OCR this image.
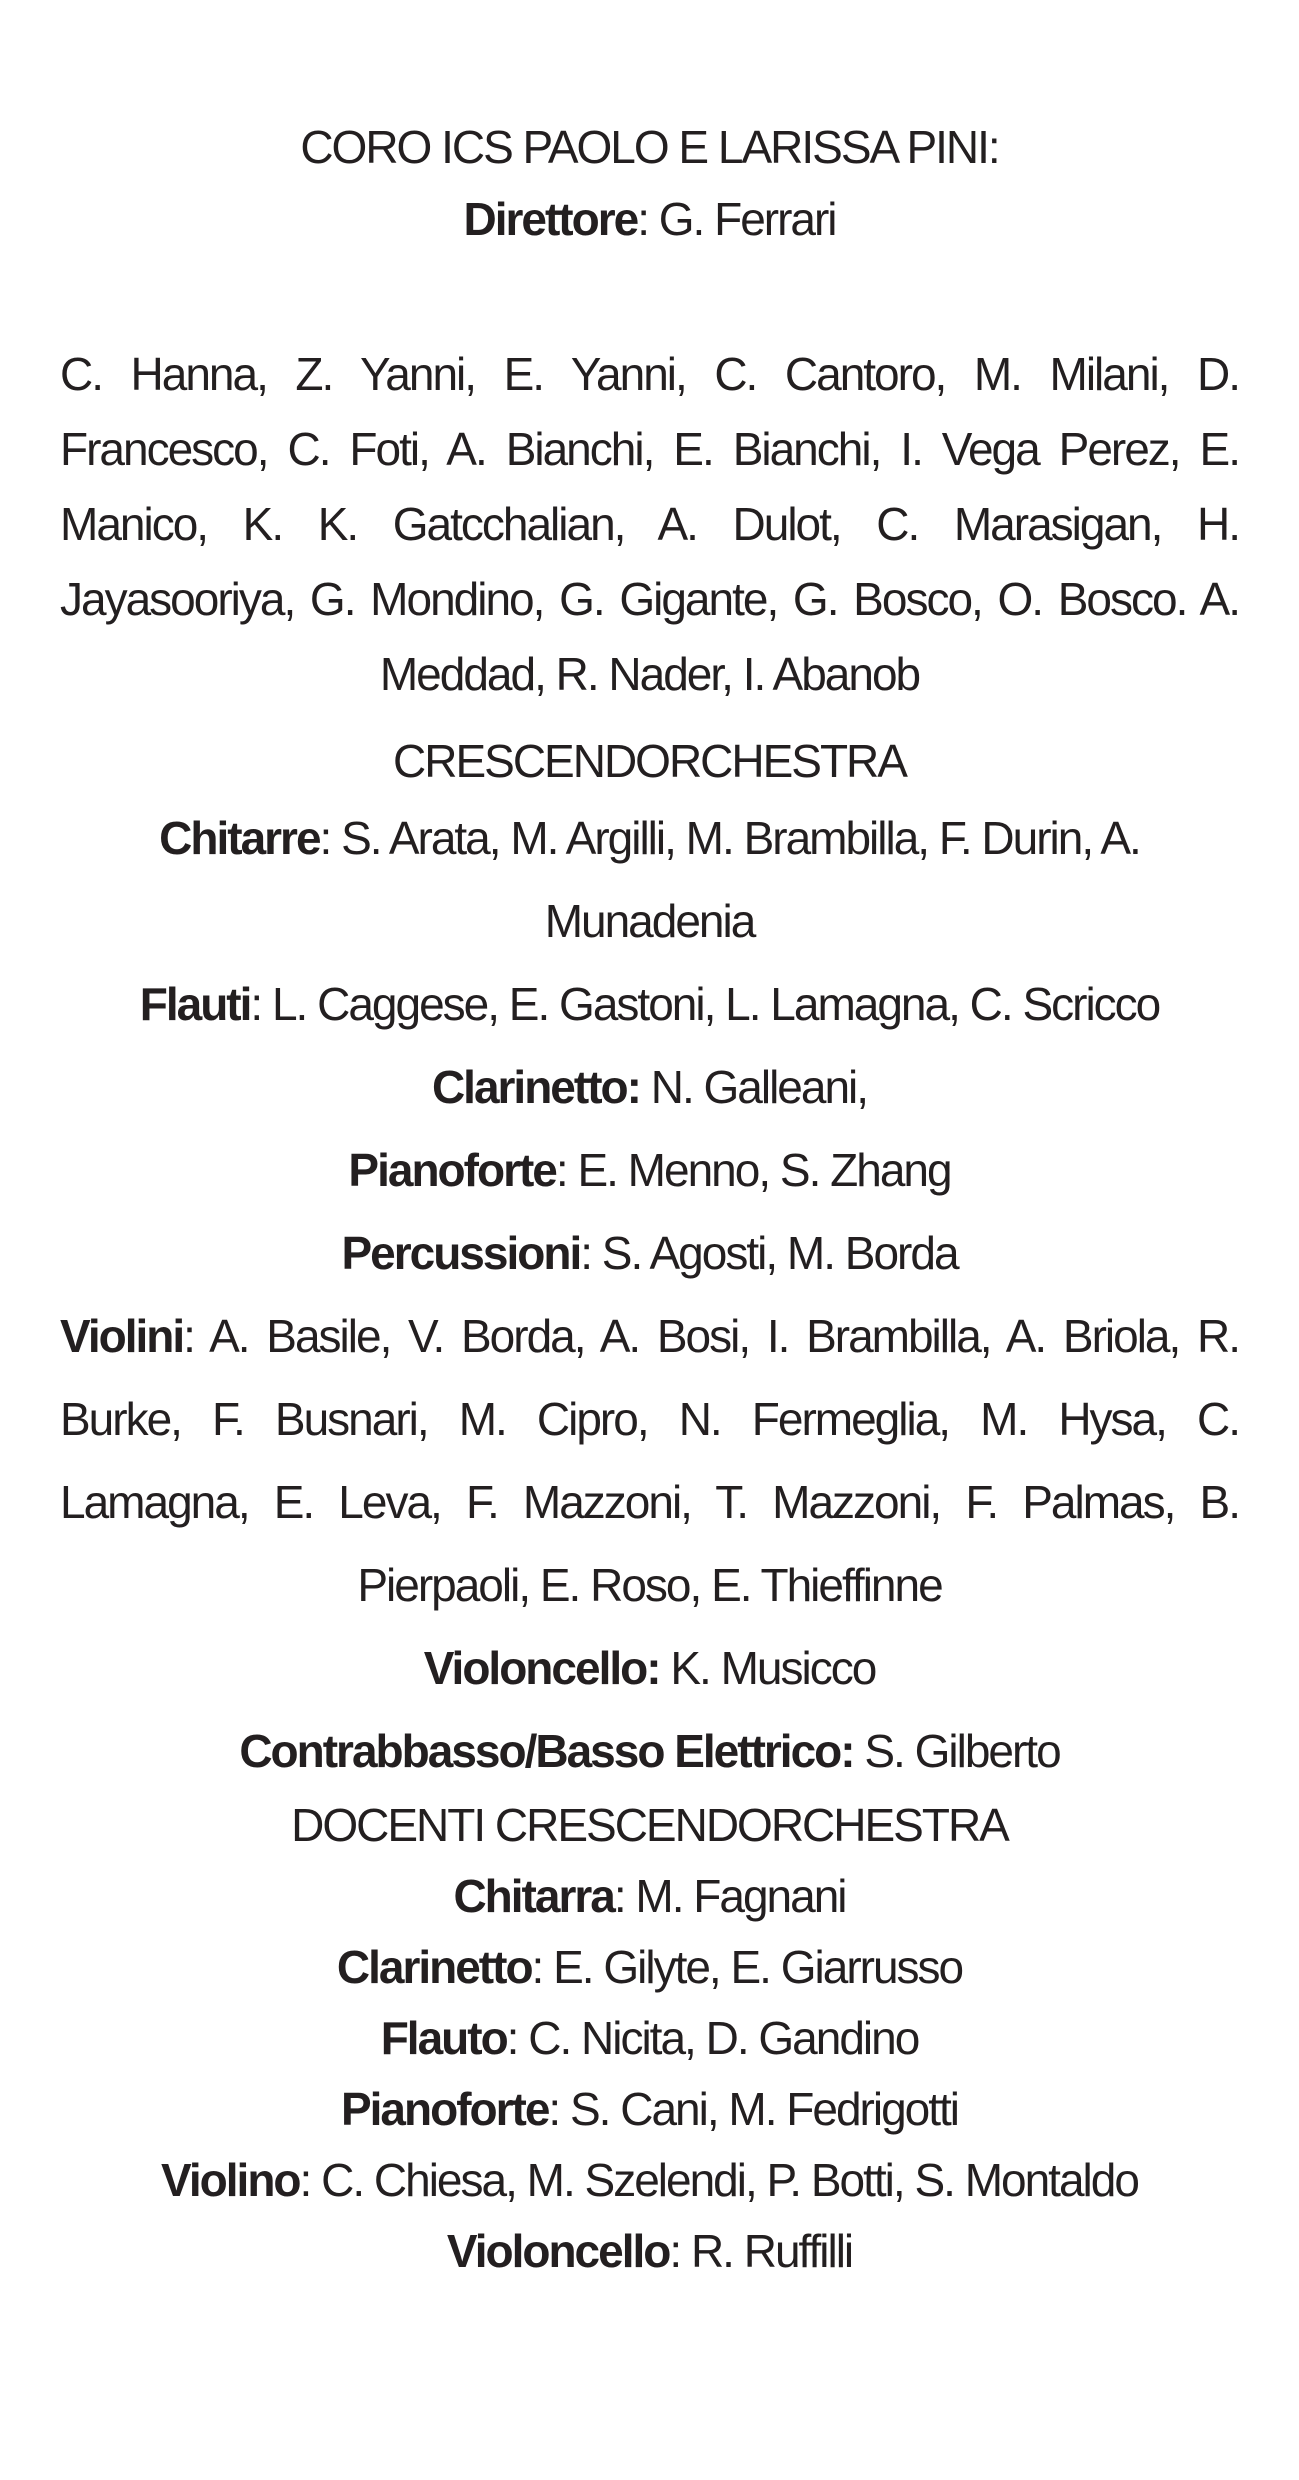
CORO ICS PAOLO E LARISSA PINI:

Direttore: G. Ferrari

C. Hanna, Z. Yanni, E. Yanni, C. Cantoro, M. Milani, D. Francesco, C. Foti, A. Bianchi, E. Bianchi, I. Vega Perez, E. Manico, K. K. Gatcchalian, A. Dulot, C. Marasigan, H. Jayasooriya, G. Mondino, G. Gigante, G. Bosco, O. Bosco. A. Meddad, R. Nader, I. Abanob

CRESCENDORCHESTRA

Chitarre: S. Arata, M. Argilli, M. Brambilla, F. Durin, A. Munadenia

Flauti: L. Caggese, E. Gastoni, L. Lamagna, C. Scricco

Clarinetto: N. Galleani,

Pianoforte: E. Menno, S. Zhang

Percussioni: S. Agosti, M. Borda

Violini: A. Basile, V. Borda, A. Bosi, I. Brambilla, A. Briola, R. Burke, F. Busnari, M. Cipro, N. Fermeglia, M. Hysa, C. Lamagna, E. Leva, F. Mazzoni, T. Mazzoni, F. Palmas, B. Pierpaoli, E. Roso, E. Thieffinne

Violoncello: K. Musicco

Contrabbasso/Basso Elettrico: S. Gilberto

DOCENTI CRESCENDORCHESTRA

Chitarra: M. Fagnani

Clarinetto: E. Gilyte, E. Giarrusso

Flauto: C. Nicita, D. Gandino

Pianoforte: S. Cani, M. Fedrigotti

Violino: C. Chiesa, M. Szelendi, P. Botti, S. Montaldo

Violoncello: R. Ruffilli
